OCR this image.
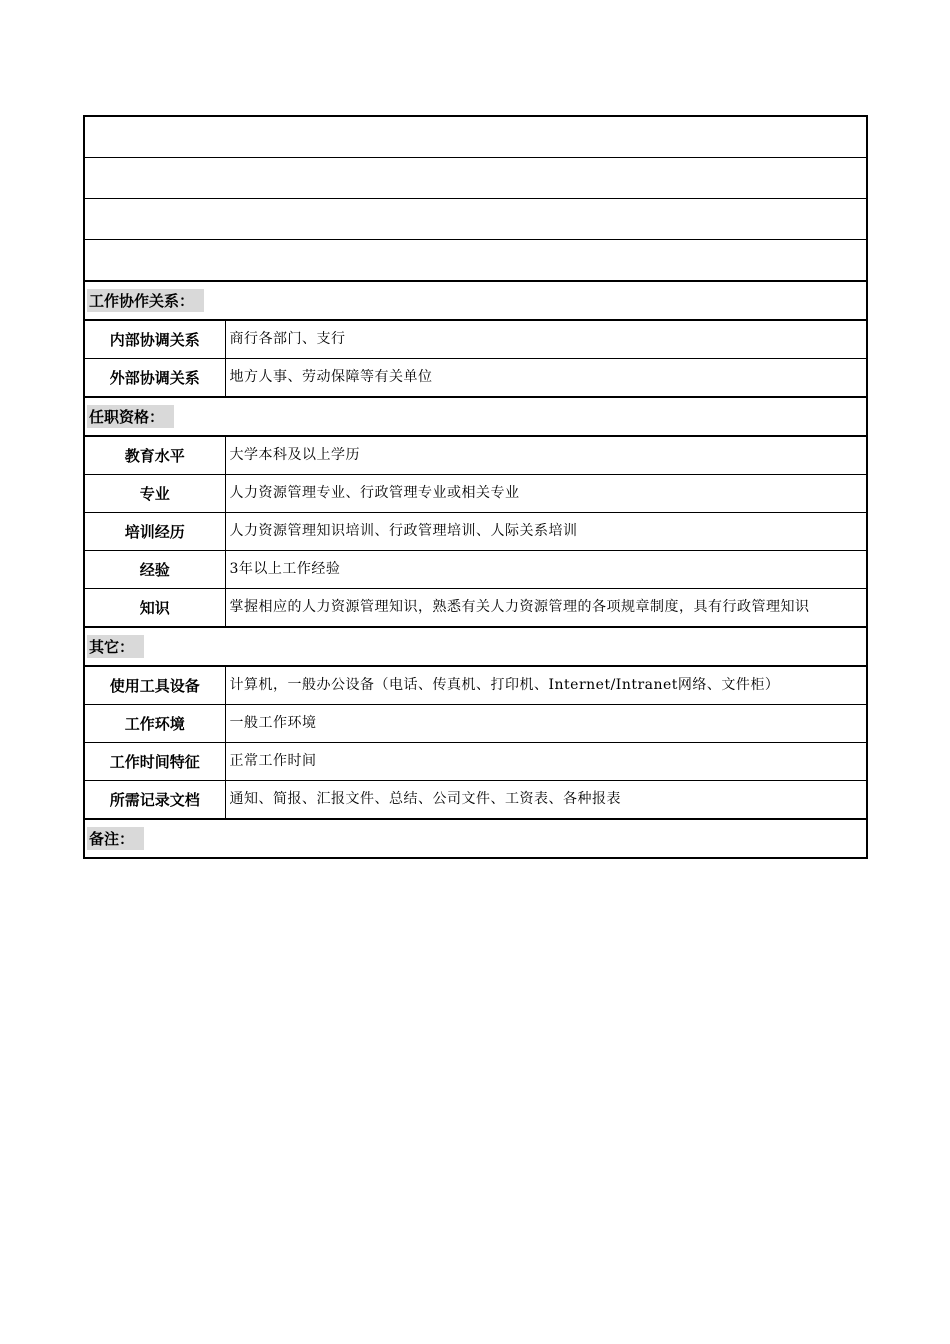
工作协作关系：	
内部协调关系	商行各部门、支行
外部协调关系	地方人事、劳动保障等有关单位
任职资格：	
教育水平	大学本科及以上学历
专业	人力资源管理专业、行政管理专业或相关专业
培训经历	人力资源管理知识培训、行政管理培训、人际关系培训
经验	3年以上工作经验
知识	掌握相应的人力资源管理知识，熟悉有关人力资源管理的各项规章制度，具有行政管理知识
其它：	
使用工具设备	计算机，一般办公设备（电话、传真机、打印机、Internet/Intranet网络、文件柜）
工作环境	一般工作环境
工作时间特征	正常工作时间
所需记录文档	通知、简报、汇报文件、总结、公司文件、工资表、各种报表
备注：	
